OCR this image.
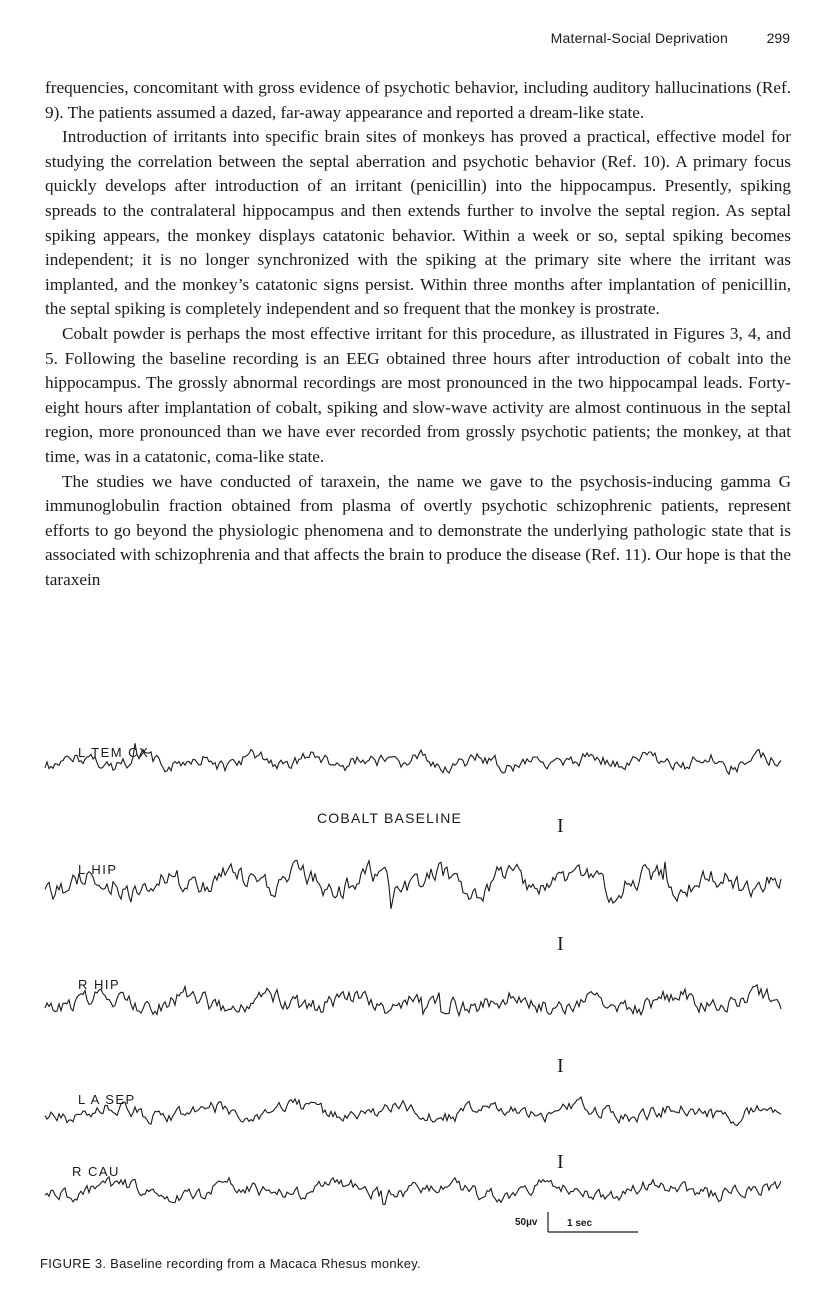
Maternal-Social Deprivation	299

frequencies, concomitant with gross evidence of psychotic behavior, including auditory hallucinations (Ref. 9). The patients assumed a dazed, far-away appearance and reported a dream-like state.

Introduction of irritants into specific brain sites of monkeys has proved a practical, effective model for studying the correlation between the septal aberration and psychotic behavior (Ref. 10). A primary focus quickly develops after introduction of an irritant (penicillin) into the hippocampus. Presently, spiking spreads to the contralateral hippocampus and then extends further to involve the septal region. As septal spiking appears, the monkey displays catatonic behavior. Within a week or so, septal spiking becomes independent; it is no longer synchronized with the spiking at the primary site where the irritant was implanted, and the monkey’s catatonic signs persist. Within three months after implantation of penicillin, the septal spiking is completely independent and so frequent that the monkey is prostrate.

Cobalt powder is perhaps the most effective irritant for this procedure, as illustrated in Figures 3, 4, and 5. Following the baseline recording is an EEG obtained three hours after introduction of cobalt into the hippocampus. The grossly abnormal recordings are most pronounced in the two hippocampal leads. Forty-eight hours after implantation of cobalt, spiking and slow-wave activity are almost continuous in the septal region, more pronounced than we have ever recorded from grossly psychotic patients; the monkey, at that time, was in a catatonic, coma-like state.

The studies we have conducted of taraxein, the name we gave to the psychosis-inducing gamma G immunoglobulin fraction obtained from plasma of overtly psychotic schizophrenic patients, represent efforts to go beyond the physiologic phenomena and to demonstrate the underlying pathologic state that is associated with schizophrenia and that affects the brain to produce the disease (Ref. 11). Our hope is that the taraxein

L TEM CX
COBALT BASELINE
L HIP
R HIP
L A SEP
R CAU
I
I
I
I
50µv	1 sec
FIGURE 3. Baseline recording from a Macaca Rhesus monkey.
